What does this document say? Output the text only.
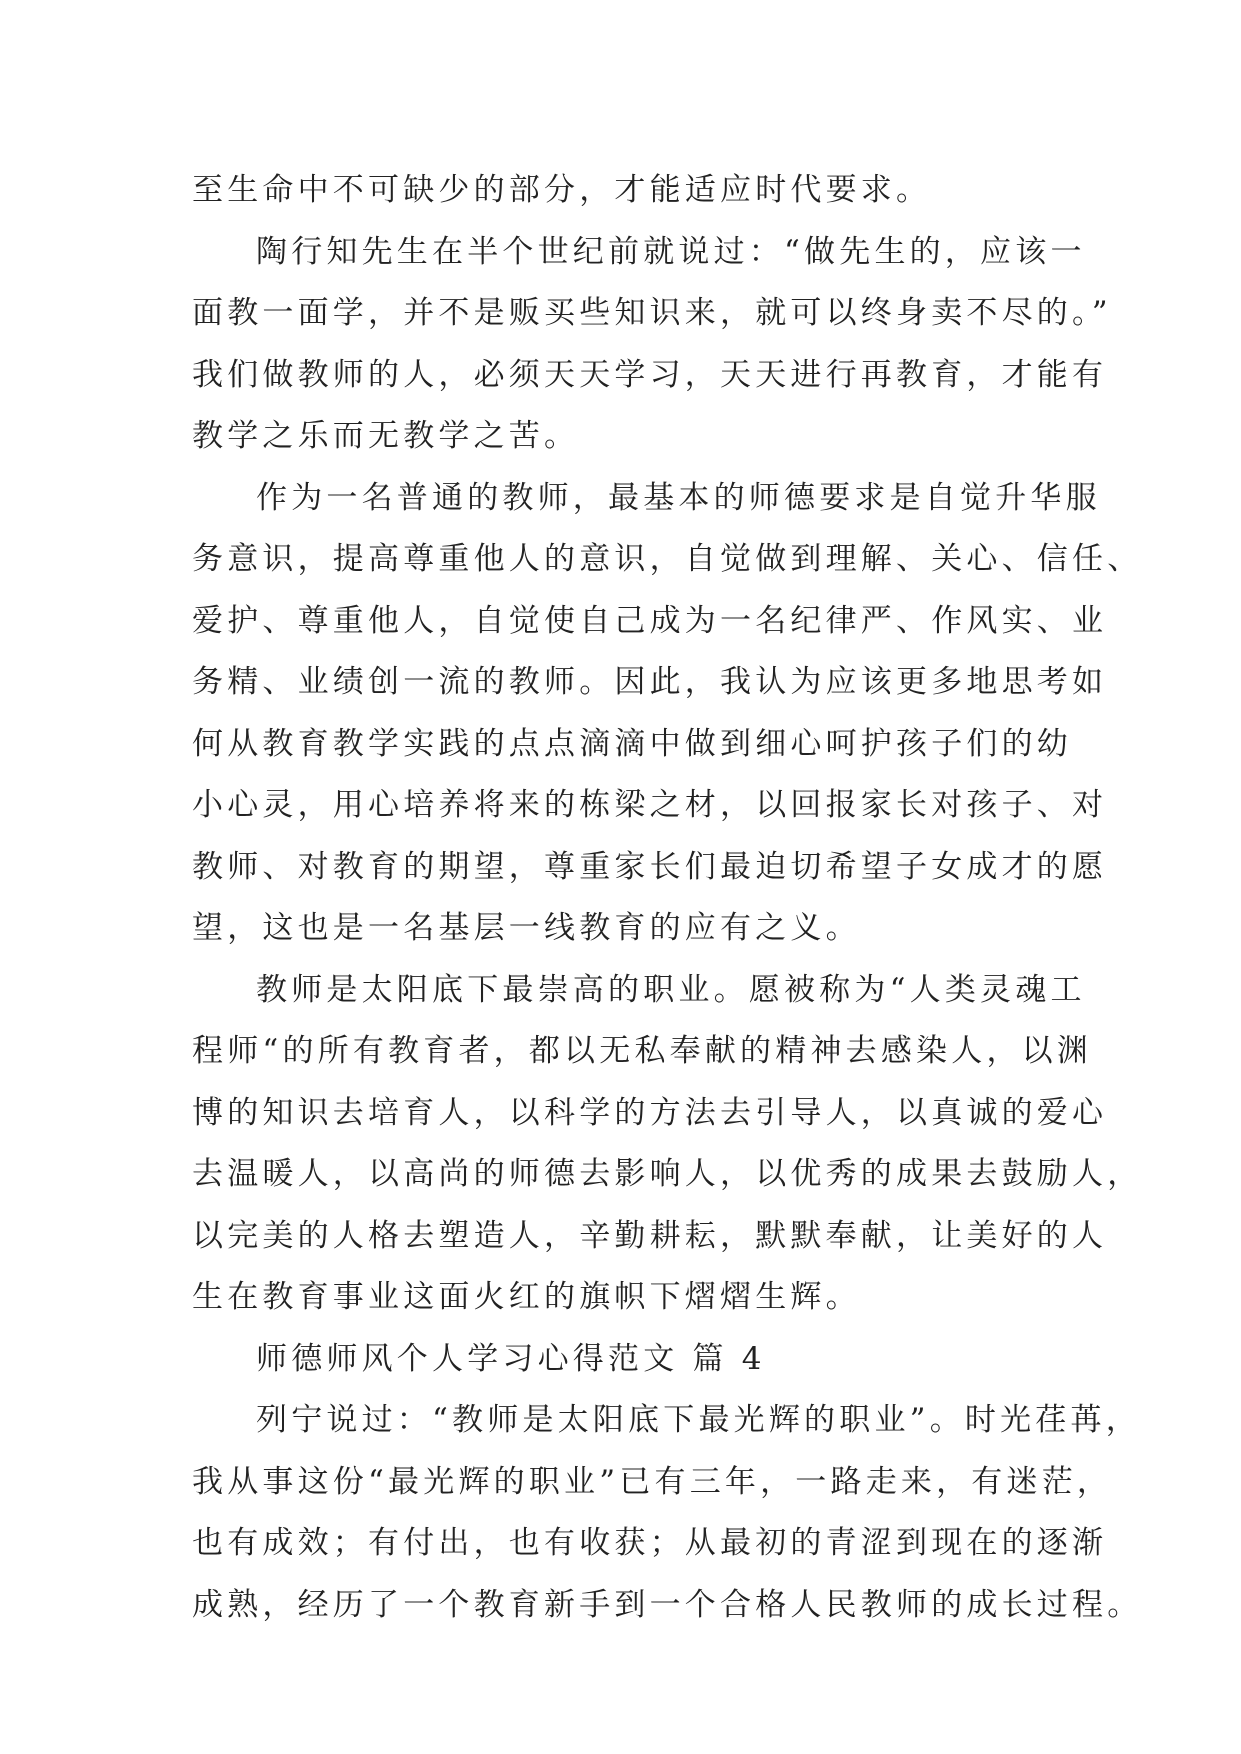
至生命中不可缺少的部分，才能适应时代要求。
陶行知先生在半个世纪前就说过：“做先生的，应该一
面教一面学，并不是贩买些知识来，就可以终身卖不尽的。”
我们做教师的人，必须天天学习，天天进行再教育，才能有
教学之乐而无教学之苦。
作为一名普通的教师，最基本的师德要求是自觉升华服
务意识，提高尊重他人的意识，自觉做到理解、关心、信任、
爱护、尊重他人，自觉使自己成为一名纪律严、作风实、业
务精、业绩创一流的教师。因此，我认为应该更多地思考如
何从教育教学实践的点点滴滴中做到细心呵护孩子们的幼
小心灵，用心培养将来的栋梁之材，以回报家长对孩子、对
教师、对教育的期望，尊重家长们最迫切希望子女成才的愿
望，这也是一名基层一线教育的应有之义。
教师是太阳底下最崇高的职业。愿被称为“人类灵魂工
程师“的所有教育者，都以无私奉献的精神去感染人，以渊
博的知识去培育人，以科学的方法去引导人，以真诚的爱心
去温暖人，以高尚的师德去影响人，以优秀的成果去鼓励人，
以完美的人格去塑造人，辛勤耕耘，默默奉献，让美好的人
生在教育事业这面火红的旗帜下熠熠生辉。
师德师风个人学习心得范文 篇 4
列宁说过：“教师是太阳底下最光辉的职业”。时光荏苒，
我从事这份“最光辉的职业”已有三年，一路走来，有迷茫，
也有成效；有付出，也有收获；从最初的青涩到现在的逐渐
成熟，经历了一个教育新手到一个合格人民教师的成长过程。
